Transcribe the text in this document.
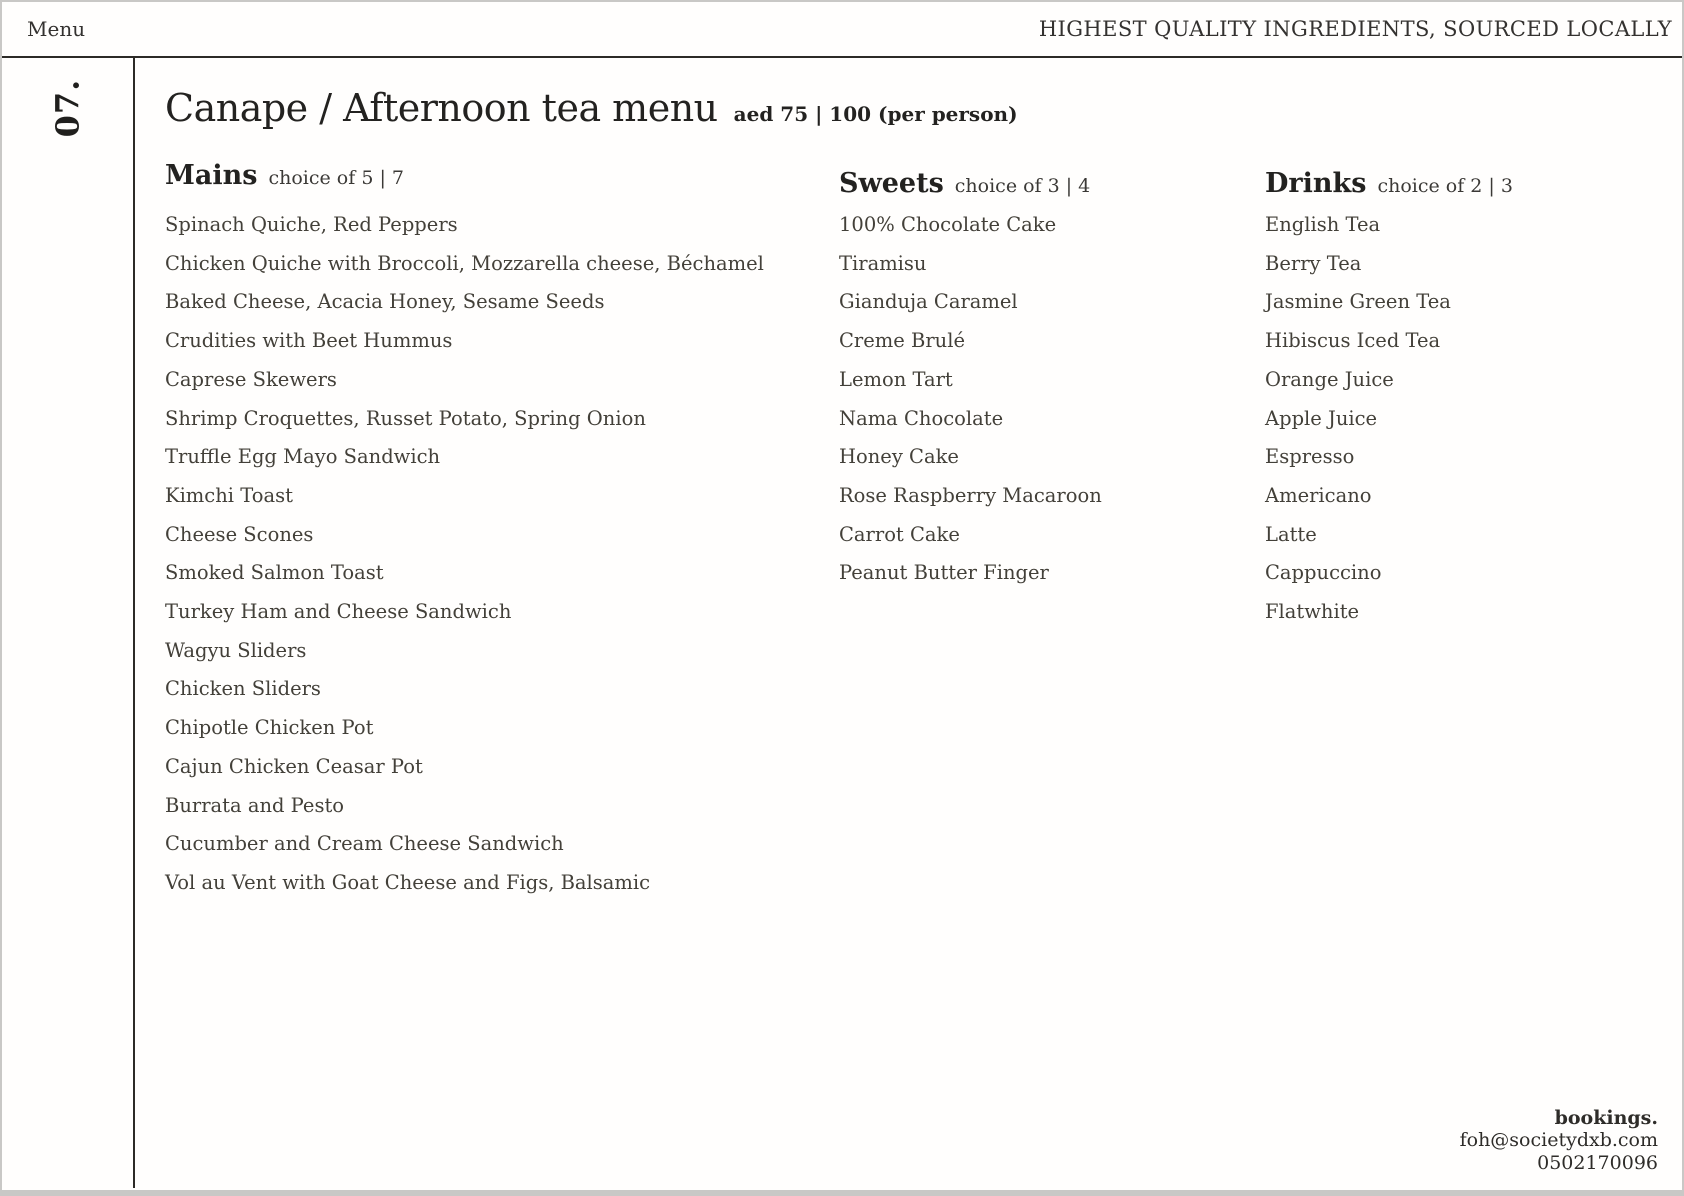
Menu	HIGHEST QUALITY INGREDIENTS, SOURCED LOCALLY
07. Canape / Afternoon tea menu aed 75 | 100 (per person)
Mains choice of 5 | 7
Spinach Quiche, Red Peppers
Chicken Quiche with Broccoli, Mozzarella cheese, Béchamel
Baked Cheese, Acacia Honey, Sesame Seeds
Crudities with Beet Hummus
Caprese Skewers
Shrimp Croquettes, Russet Potato, Spring Onion
Truffle Egg Mayo Sandwich
Kimchi Toast
Cheese Scones
Smoked Salmon Toast
Turkey Ham and Cheese Sandwich
Wagyu Sliders
Chicken Sliders
Chipotle Chicken Pot
Cajun Chicken Ceasar Pot
Burrata and Pesto
Cucumber and Cream Cheese Sandwich
Vol au Vent with Goat Cheese and Figs, Balsamic
Sweets choice of 3 | 4
100% Chocolate Cake
Tiramisu
Gianduja Caramel
Creme Brulé
Lemon Tart
Nama Chocolate
Honey Cake
Rose Raspberry Macaroon
Carrot Cake
Peanut Butter Finger
Drinks choice of 2 | 3
English Tea
Berry Tea
Jasmine Green Tea
Hibiscus Iced Tea
Orange Juice
Apple Juice
Espresso
Americano
Latte
Cappuccino
Flatwhite
bookings.
foh@societydxb.com
0502170096
